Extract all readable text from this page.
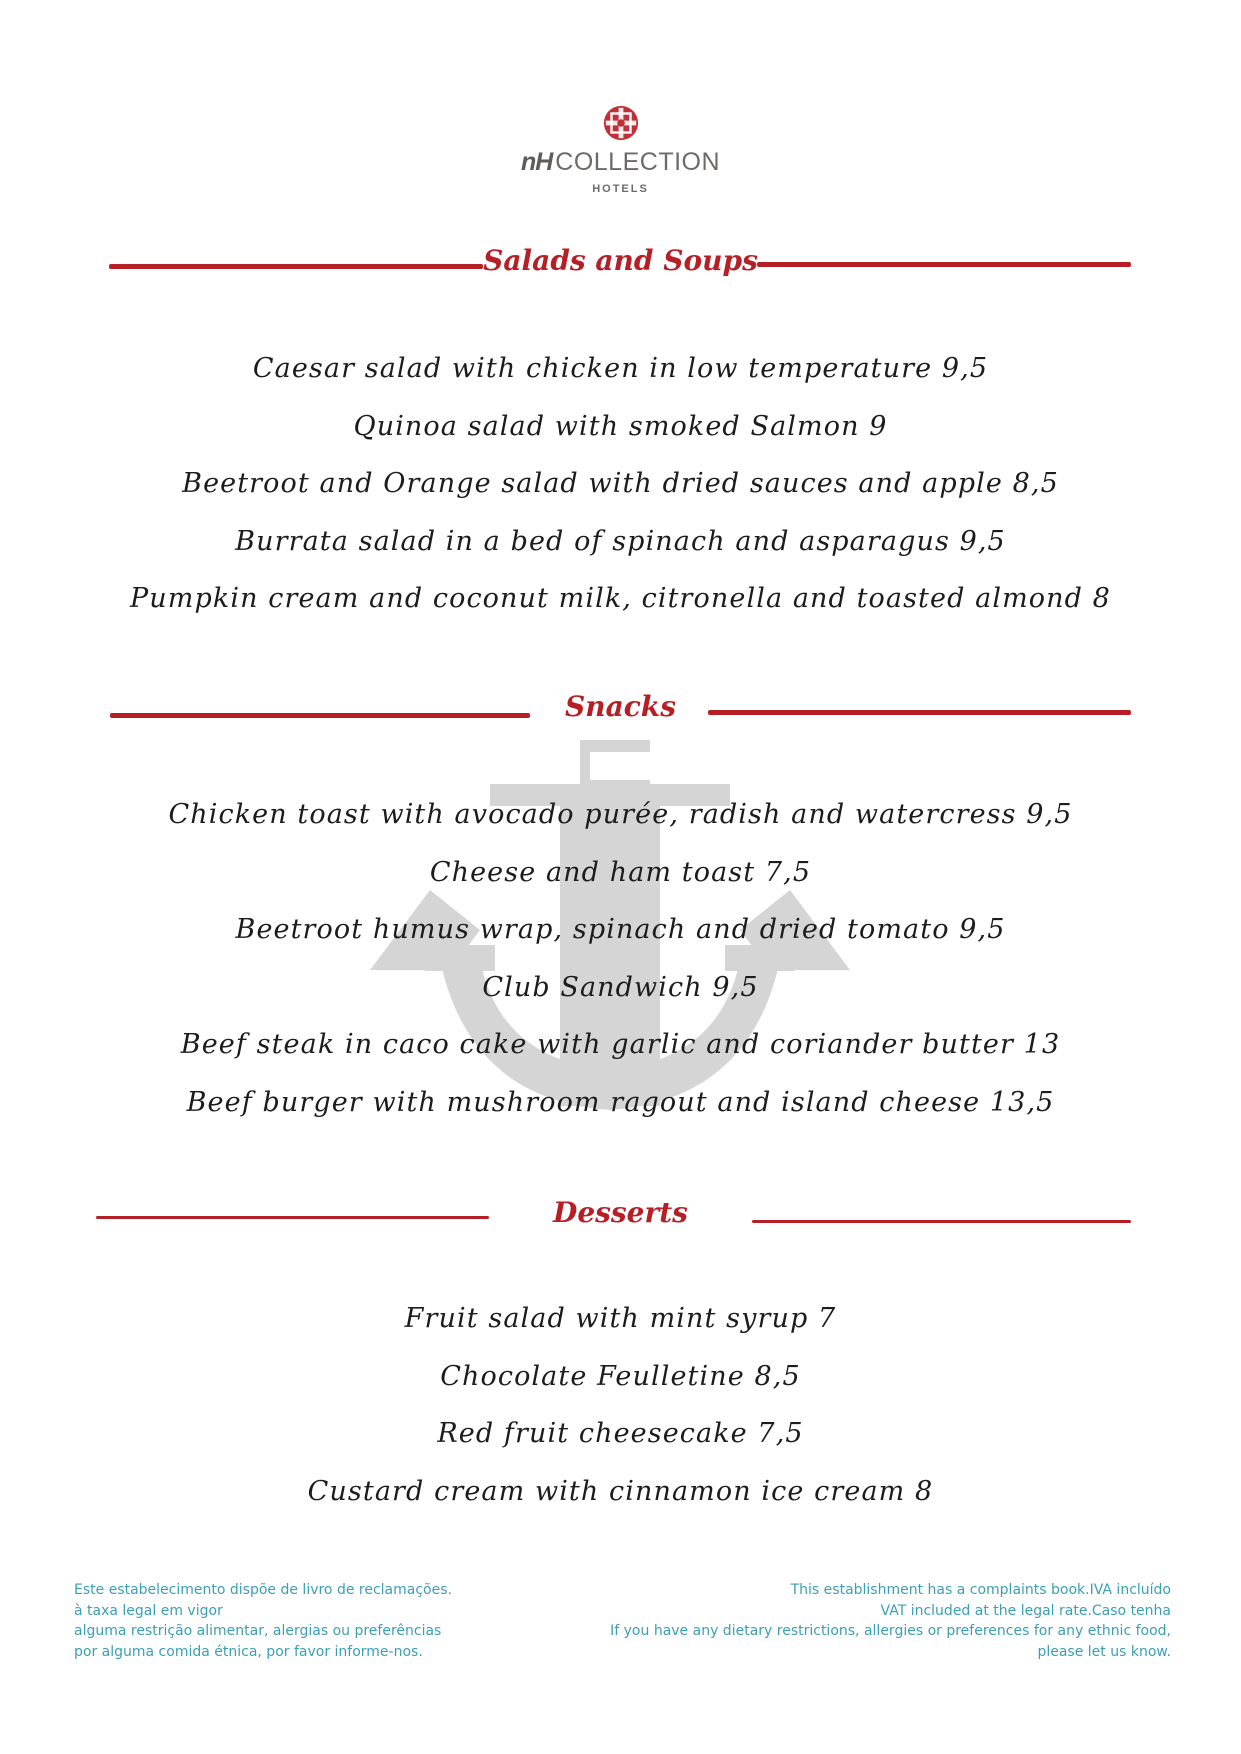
nH COLLECTION
HOTELS
Salads and Soups
Caesar salad with chicken in low temperature 9,5
Quinoa salad with smoked Salmon 9
Beetroot and Orange salad with dried sauces and apple 8,5
Burrata salad in a bed of spinach and asparagus 9,5
Pumpkin cream and coconut milk, citronella and toasted almond 8
Snacks
Chicken toast with avocado purée, radish and watercress 9,5
Cheese and ham toast 7,5
Beetroot humus wrap, spinach and dried tomato 9,5
Club Sandwich 9,5
Beef steak in caco cake with garlic and coriander butter 13
Beef burger with mushroom ragout and island cheese 13,5
Desserts
Fruit salad with mint syrup 7
Chocolate Feulletine 8,5
Red fruit cheesecake 7,5
Custard cream with cinnamon ice cream 8
Este estabelecimento dispõe de livro de reclamações.
à taxa legal em vigor
alguma restrição alimentar, alergias ou preferências
por alguma comida étnica, por favor informe-nos.
This establishment has a complaints book.IVA incluído
VAT included at the legal rate.Caso tenha
If you have any dietary restrictions, allergies or preferences for any ethnic food,
please let us know.
